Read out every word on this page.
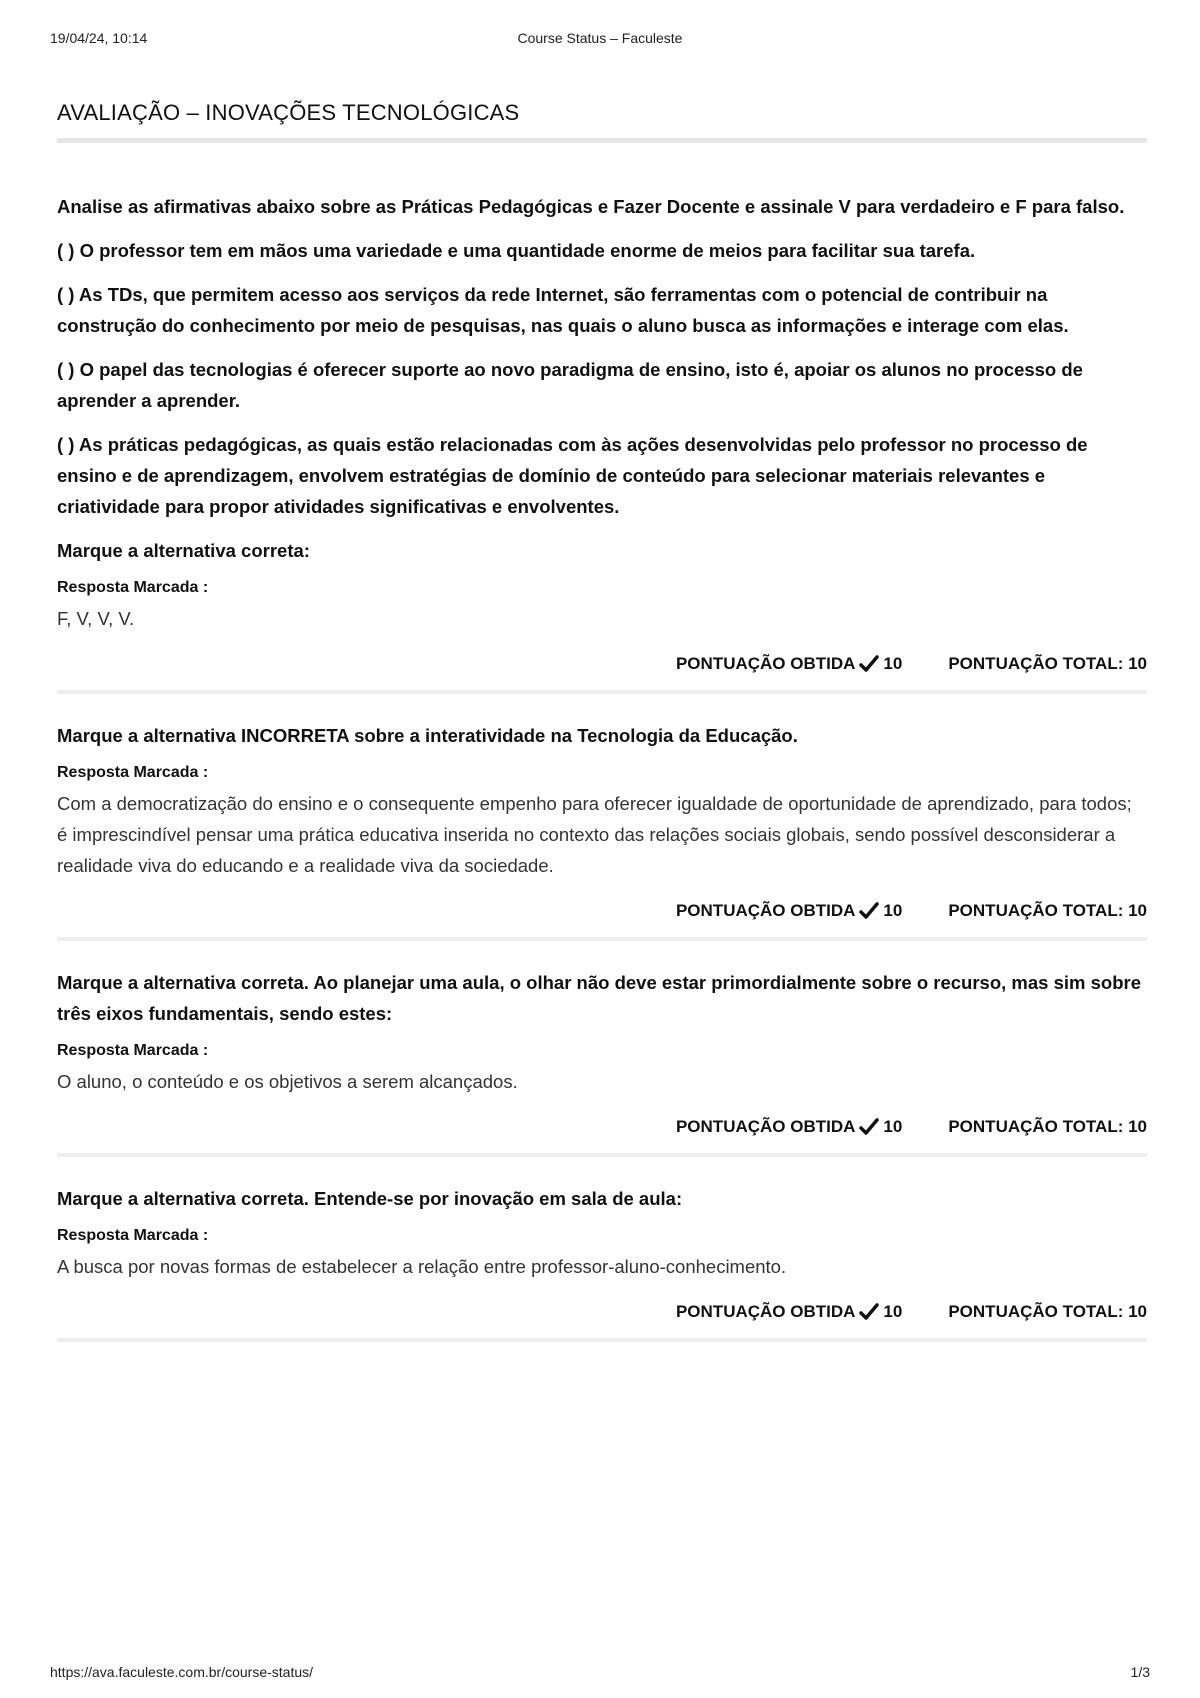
19/04/24, 10:14	Course Status – Faculeste
AVALIAÇÃO – INOVAÇÕES TECNOLÓGICAS

Analise as afirmativas abaixo sobre as Práticas Pedagógicas e Fazer Docente e assinale V para verdadeiro e F para falso.

( ) O professor tem em mãos uma variedade e uma quantidade enorme de meios para facilitar sua tarefa.

( ) As TDs, que permitem acesso aos serviços da rede Internet, são ferramentas com o potencial de contribuir na construção do conhecimento por meio de pesquisas, nas quais o aluno busca as informações e interage com elas.

( ) O papel das tecnologias é oferecer suporte ao novo paradigma de ensino, isto é, apoiar os alunos no processo de aprender a aprender.

( ) As práticas pedagógicas, as quais estão relacionadas com às ações desenvolvidas pelo professor no processo de ensino e de aprendizagem, envolvem estratégias de domínio de conteúdo para selecionar materiais relevantes e criatividade para propor atividades significativas e envolventes.

Marque a alternativa correta:

Resposta Marcada :

F, V, V, V.

PONTUAÇÃO OBTIDA 10	PONTUAÇÃO TOTAL: 10

Marque a alternativa INCORRETA sobre a interatividade na Tecnologia da Educação.

Resposta Marcada :

Com a democratização do ensino e o consequente empenho para oferecer igualdade de oportunidade de aprendizado, para todos; é imprescindível pensar uma prática educativa inserida no contexto das relações sociais globais, sendo possível desconsiderar a realidade viva do educando e a realidade viva da sociedade.

PONTUAÇÃO OBTIDA 10	PONTUAÇÃO TOTAL: 10

Marque a alternativa correta. Ao planejar uma aula, o olhar não deve estar primordialmente sobre o recurso, mas sim sobre três eixos fundamentais, sendo estes:

Resposta Marcada :

O aluno, o conteúdo e os objetivos a serem alcançados.

PONTUAÇÃO OBTIDA 10	PONTUAÇÃO TOTAL: 10

Marque a alternativa correta. Entende-se por inovação em sala de aula:

Resposta Marcada :

A busca por novas formas de estabelecer a relação entre professor-aluno-conhecimento.

PONTUAÇÃO OBTIDA 10	PONTUAÇÃO TOTAL: 10
https://ava.faculeste.com.br/course-status/	1/3
